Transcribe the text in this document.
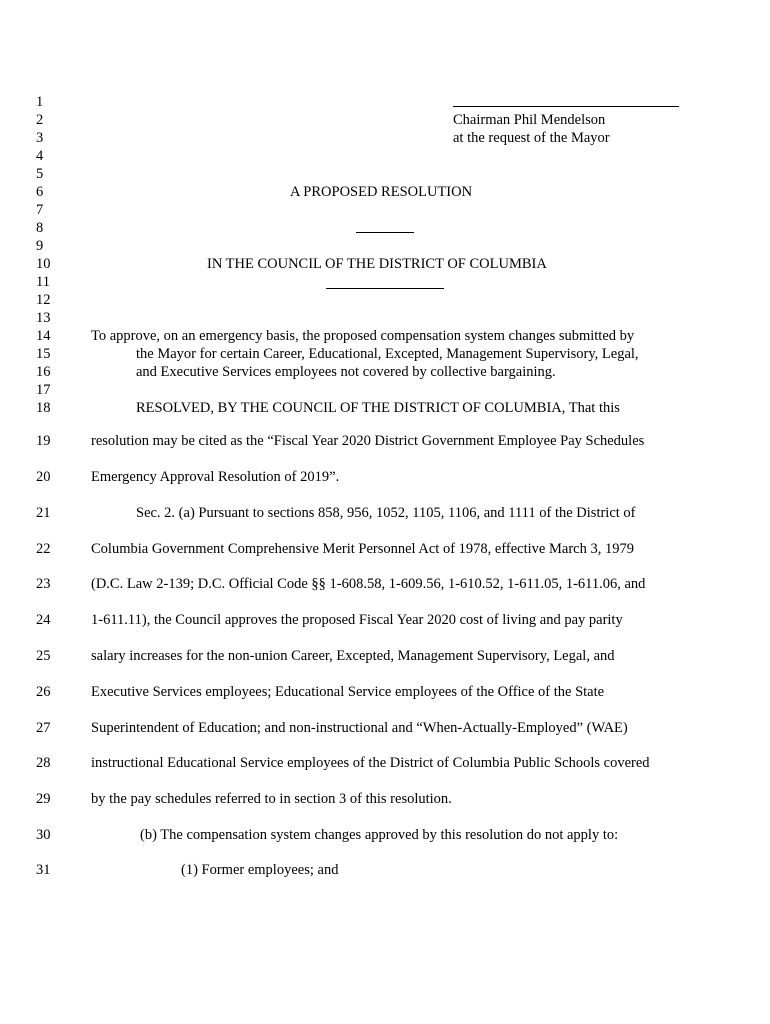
1
2
3
4
5
6
7
8
9
10
11
12
13
14
15
16
17
18
19
20
21
22
23
24
25
26
27
28
29
30
31
Chairman Phil Mendelson
at the request of the Mayor
A PROPOSED RESOLUTION
IN THE COUNCIL OF THE DISTRICT OF COLUMBIA
To approve, on an emergency basis, the proposed compensation system changes submitted by
the Mayor for certain Career, Educational, Excepted, Management Supervisory, Legal,
and Executive Services employees not covered by collective bargaining.
RESOLVED, BY THE COUNCIL OF THE DISTRICT OF COLUMBIA, That this
resolution may be cited as the “Fiscal Year 2020 District Government Employee Pay Schedules
Emergency Approval Resolution of 2019”.
Sec. 2. (a) Pursuant to sections 858, 956, 1052, 1105, 1106, and 1111 of the District of
Columbia Government Comprehensive Merit Personnel Act of 1978, effective March 3, 1979
(D.C. Law 2-139; D.C. Official Code §§ 1-608.58, 1-609.56, 1-610.52, 1-611.05, 1-611.06, and
1-611.11), the Council approves the proposed Fiscal Year 2020 cost of living and pay parity
salary increases for the non-union Career, Excepted, Management Supervisory, Legal, and
Executive Services employees; Educational Service employees of the Office of the State
Superintendent of Education; and non-instructional and “When-Actually-Employed” (WAE)
instructional Educational Service employees of the District of Columbia Public Schools covered
by the pay schedules referred to in section 3 of this resolution.
(b) The compensation system changes approved by this resolution do not apply to:
(1) Former employees; and
